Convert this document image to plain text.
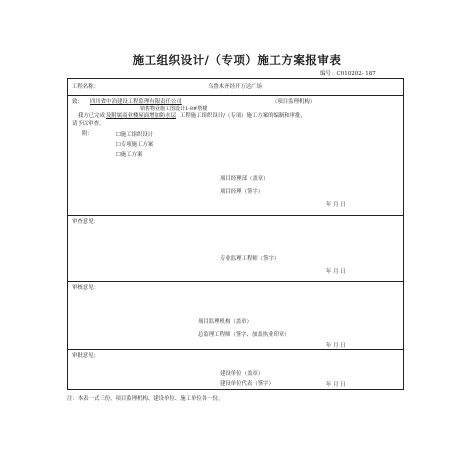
施工组织设计/（专项）施工方案报审表
编号：C010202- 187
工程名称：	乌鲁木齐经开万达广场
致： 四川省中冶建设工程监理有限责任公司	（项目监理机构）
销售物业施工图设计1-8#塔楼
我方已完成 及附属商业楼屋面增加防水层 工程施工组织设计/（专项）施工方案的编制和审批，
请予以审查。
附：	☐施工组织设计
☐专项施工方案
☐施工方案
项目经理部（盖章）
项目经理（签字）
年 月 日
审查意见：
专业监理工程师（签字）
年 月 日
审核意见：
项目监理机构（盖章）
总监理工程师（签字、加盖执业印章）
年 月 日
审批意见：
建设单位（盖章）
建设单位代表（签字）	年 月 日
注：本表一式三份，项目监理机构、建设单位、施工单位各一份。
